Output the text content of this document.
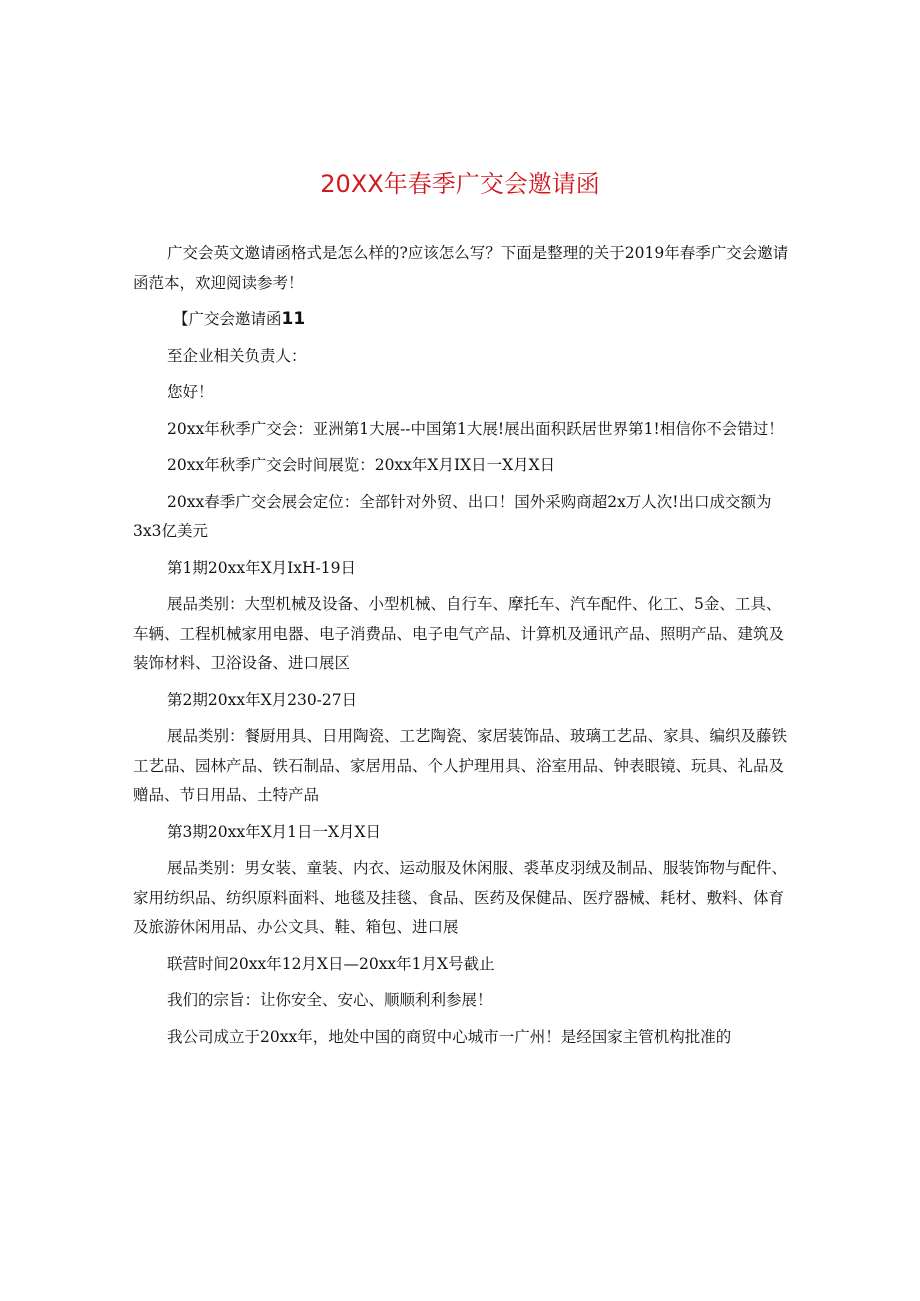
20XX年春季广交会邀请函

广交会英文邀请函格式是怎么样的?应该怎么写？下面是整理的关于2019年春季广交会邀请函范本，欢迎阅读参考！

【广交会邀请函11

至企业相关负责人：

您好！

20xx年秋季广交会：亚洲第1大展--中国第1大展!展出面积跃居世界第1!相信你不会错过！

20xx年秋季广交会时间展览：20xx年X月IX日一X月X日

20xx春季广交会展会定位：全部针对外贸、出口！国外采购商超2x万人次!出口成交额为3x3亿美元

第1期20xx年X月IxH-19日

展品类别：大型机械及设备、小型机械、自行车、摩托车、汽车配件、化工、5金、工具、车辆、工程机械家用电器、电子消费品、电子电气产品、计算机及通讯产品、照明产品、建筑及装饰材料、卫浴设备、进口展区

第2期20xx年X月230-27日

展品类别：餐厨用具、日用陶瓷、工艺陶瓷、家居装饰品、玻璃工艺品、家具、编织及藤铁工艺品、园林产品、铁石制品、家居用品、个人护理用具、浴室用品、钟表眼镜、玩具、礼品及赠品、节日用品、土特产品

第3期20xx年X月1日一X月X日

展品类别：男女装、童装、内衣、运动服及休闲服、裘革皮羽绒及制品、服装饰物与配件、家用纺织品、纺织原料面料、地毯及挂毯、食品、医药及保健品、医疗器械、耗材、敷料、体育及旅游休闲用品、办公文具、鞋、箱包、进口展

联营时间20xx年12月X日—20xx年1月X号截止

我们的宗旨：让你安全、安心、顺顺利利参展！

我公司成立于20xx年，地处中国的商贸中心城市一广州！是经国家主管机构批准的
